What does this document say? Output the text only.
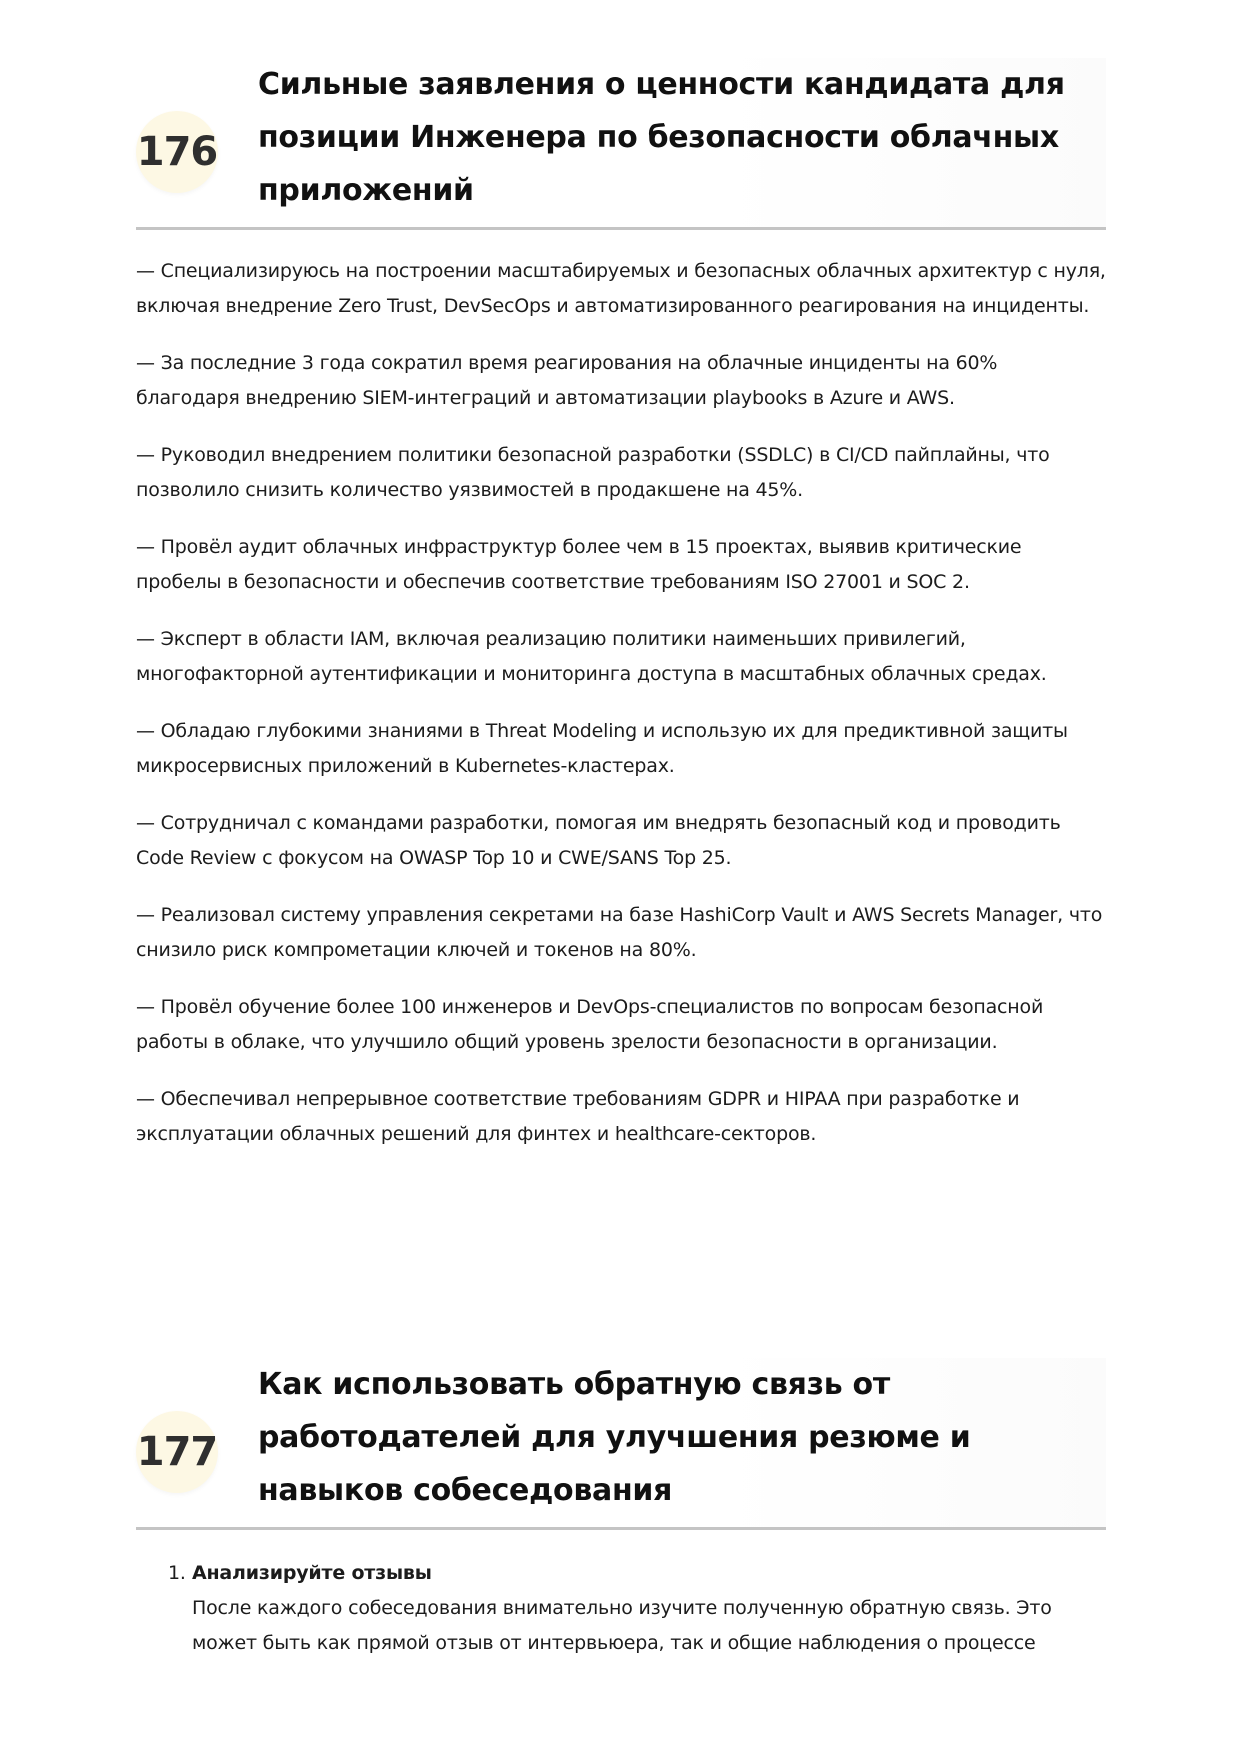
176
Сильные заявления о ценности кандидата для позиции Инженера по безопасности облачных приложений

— Специализируюсь на построении масштабируемых и безопасных облачных архитектур с нуля, включая внедрение Zero Trust, DevSecOps и автоматизированного реагирования на инциденты.

— За последние 3 года сократил время реагирования на облачные инциденты на 60% благодаря внедрению SIEM-интеграций и автоматизации playbooks в Azure и AWS.

— Руководил внедрением политики безопасной разработки (SSDLC) в CI/CD пайплайны, что позволило снизить количество уязвимостей в продакшене на 45%.

— Провёл аудит облачных инфраструктур более чем в 15 проектах, выявив критические пробелы в безопасности и обеспечив соответствие требованиям ISO 27001 и SOC 2.

— Эксперт в области IAM, включая реализацию политики наименьших привилегий, многофакторной аутентификации и мониторинга доступа в масштабных облачных средах.

— Обладаю глубокими знаниями в Threat Modeling и использую их для предиктивной защиты микросервисных приложений в Kubernetes-кластерах.

— Сотрудничал с командами разработки, помогая им внедрять безопасный код и проводить Code Review с фокусом на OWASP Top 10 и CWE/SANS Top 25.

— Реализовал систему управления секретами на базе HashiCorp Vault и AWS Secrets Manager, что снизило риск компрометации ключей и токенов на 80%.

— Провёл обучение более 100 инженеров и DevOps-специалистов по вопросам безопасной работы в облаке, что улучшило общий уровень зрелости безопасности в организации.

— Обеспечивал непрерывное соответствие требованиям GDPR и HIPAA при разработке и эксплуатации облачных решений для финтех и healthcare-секторов.

177
Как использовать обратную связь от работодателей для улучшения резюме и навыков собеседования
1. Анализируйте отзывы
После каждого собеседования внимательно изучите полученную обратную связь. Это может быть как прямой отзыв от интервьюера, так и общие наблюдения о процессе
